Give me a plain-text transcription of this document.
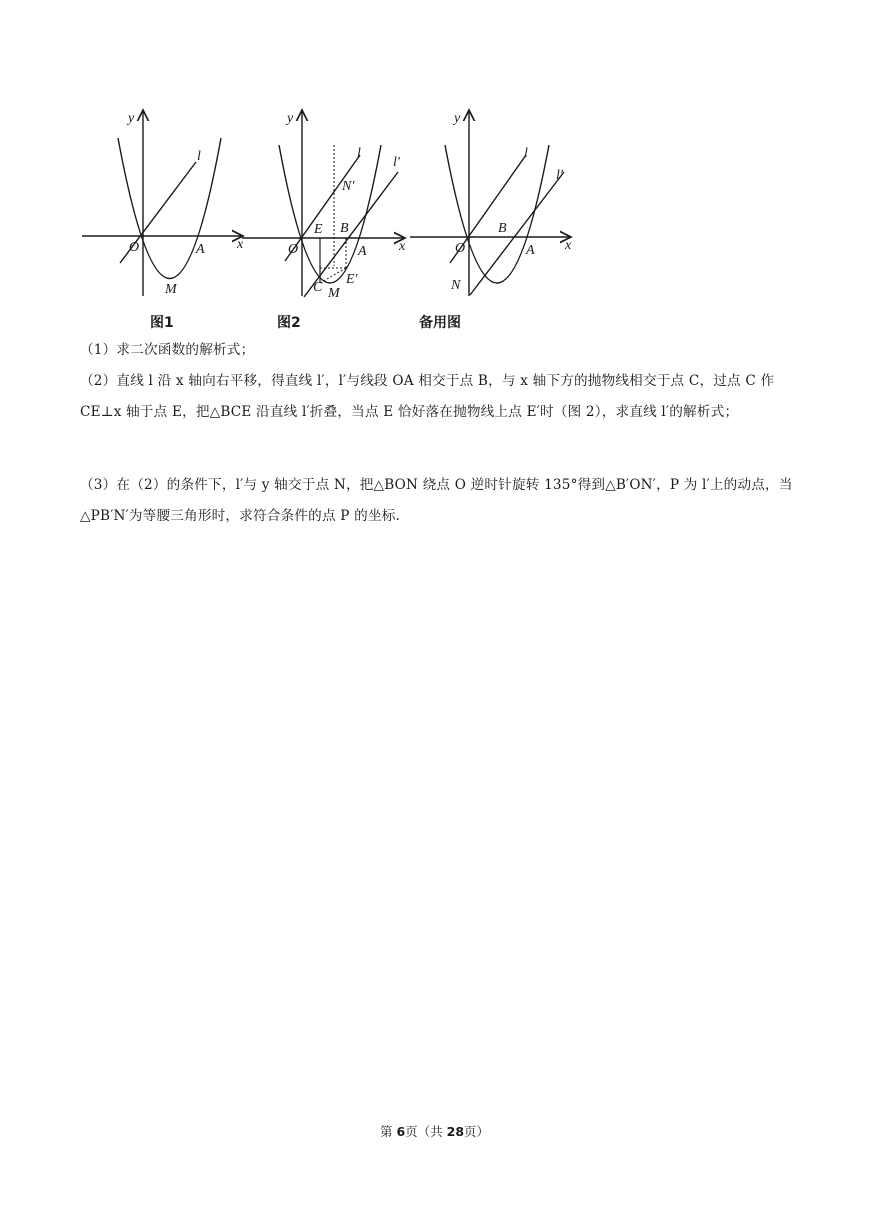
y
x
O	A
M
l
图1
y
x
O	A
M
l
l′
E B
C
E′
N′
图2
y
x
O	A
B
N
l
l′
备用图
（1）求二次函数的解析式；
（2）直线 l 沿 x 轴向右平移，得直线 l′，l′与线段 OA 相交于点 B，与 x 轴下方的抛物线相交于点 C，过点 C 作 CE⊥x 轴于点 E，把△BCE 沿直线 l′折叠，当点 E 恰好落在抛物线上点 E′时（图 2），求直线 l′的解析式；
（3）在（2）的条件下，l′与 y 轴交于点 N，把△BON 绕点 O 逆时针旋转 135°得到△B′ON′，P 为 l′上的动点，当△PB′N′为等腰三角形时，求符合条件的点 P 的坐标.
第 6页（共 28页）
